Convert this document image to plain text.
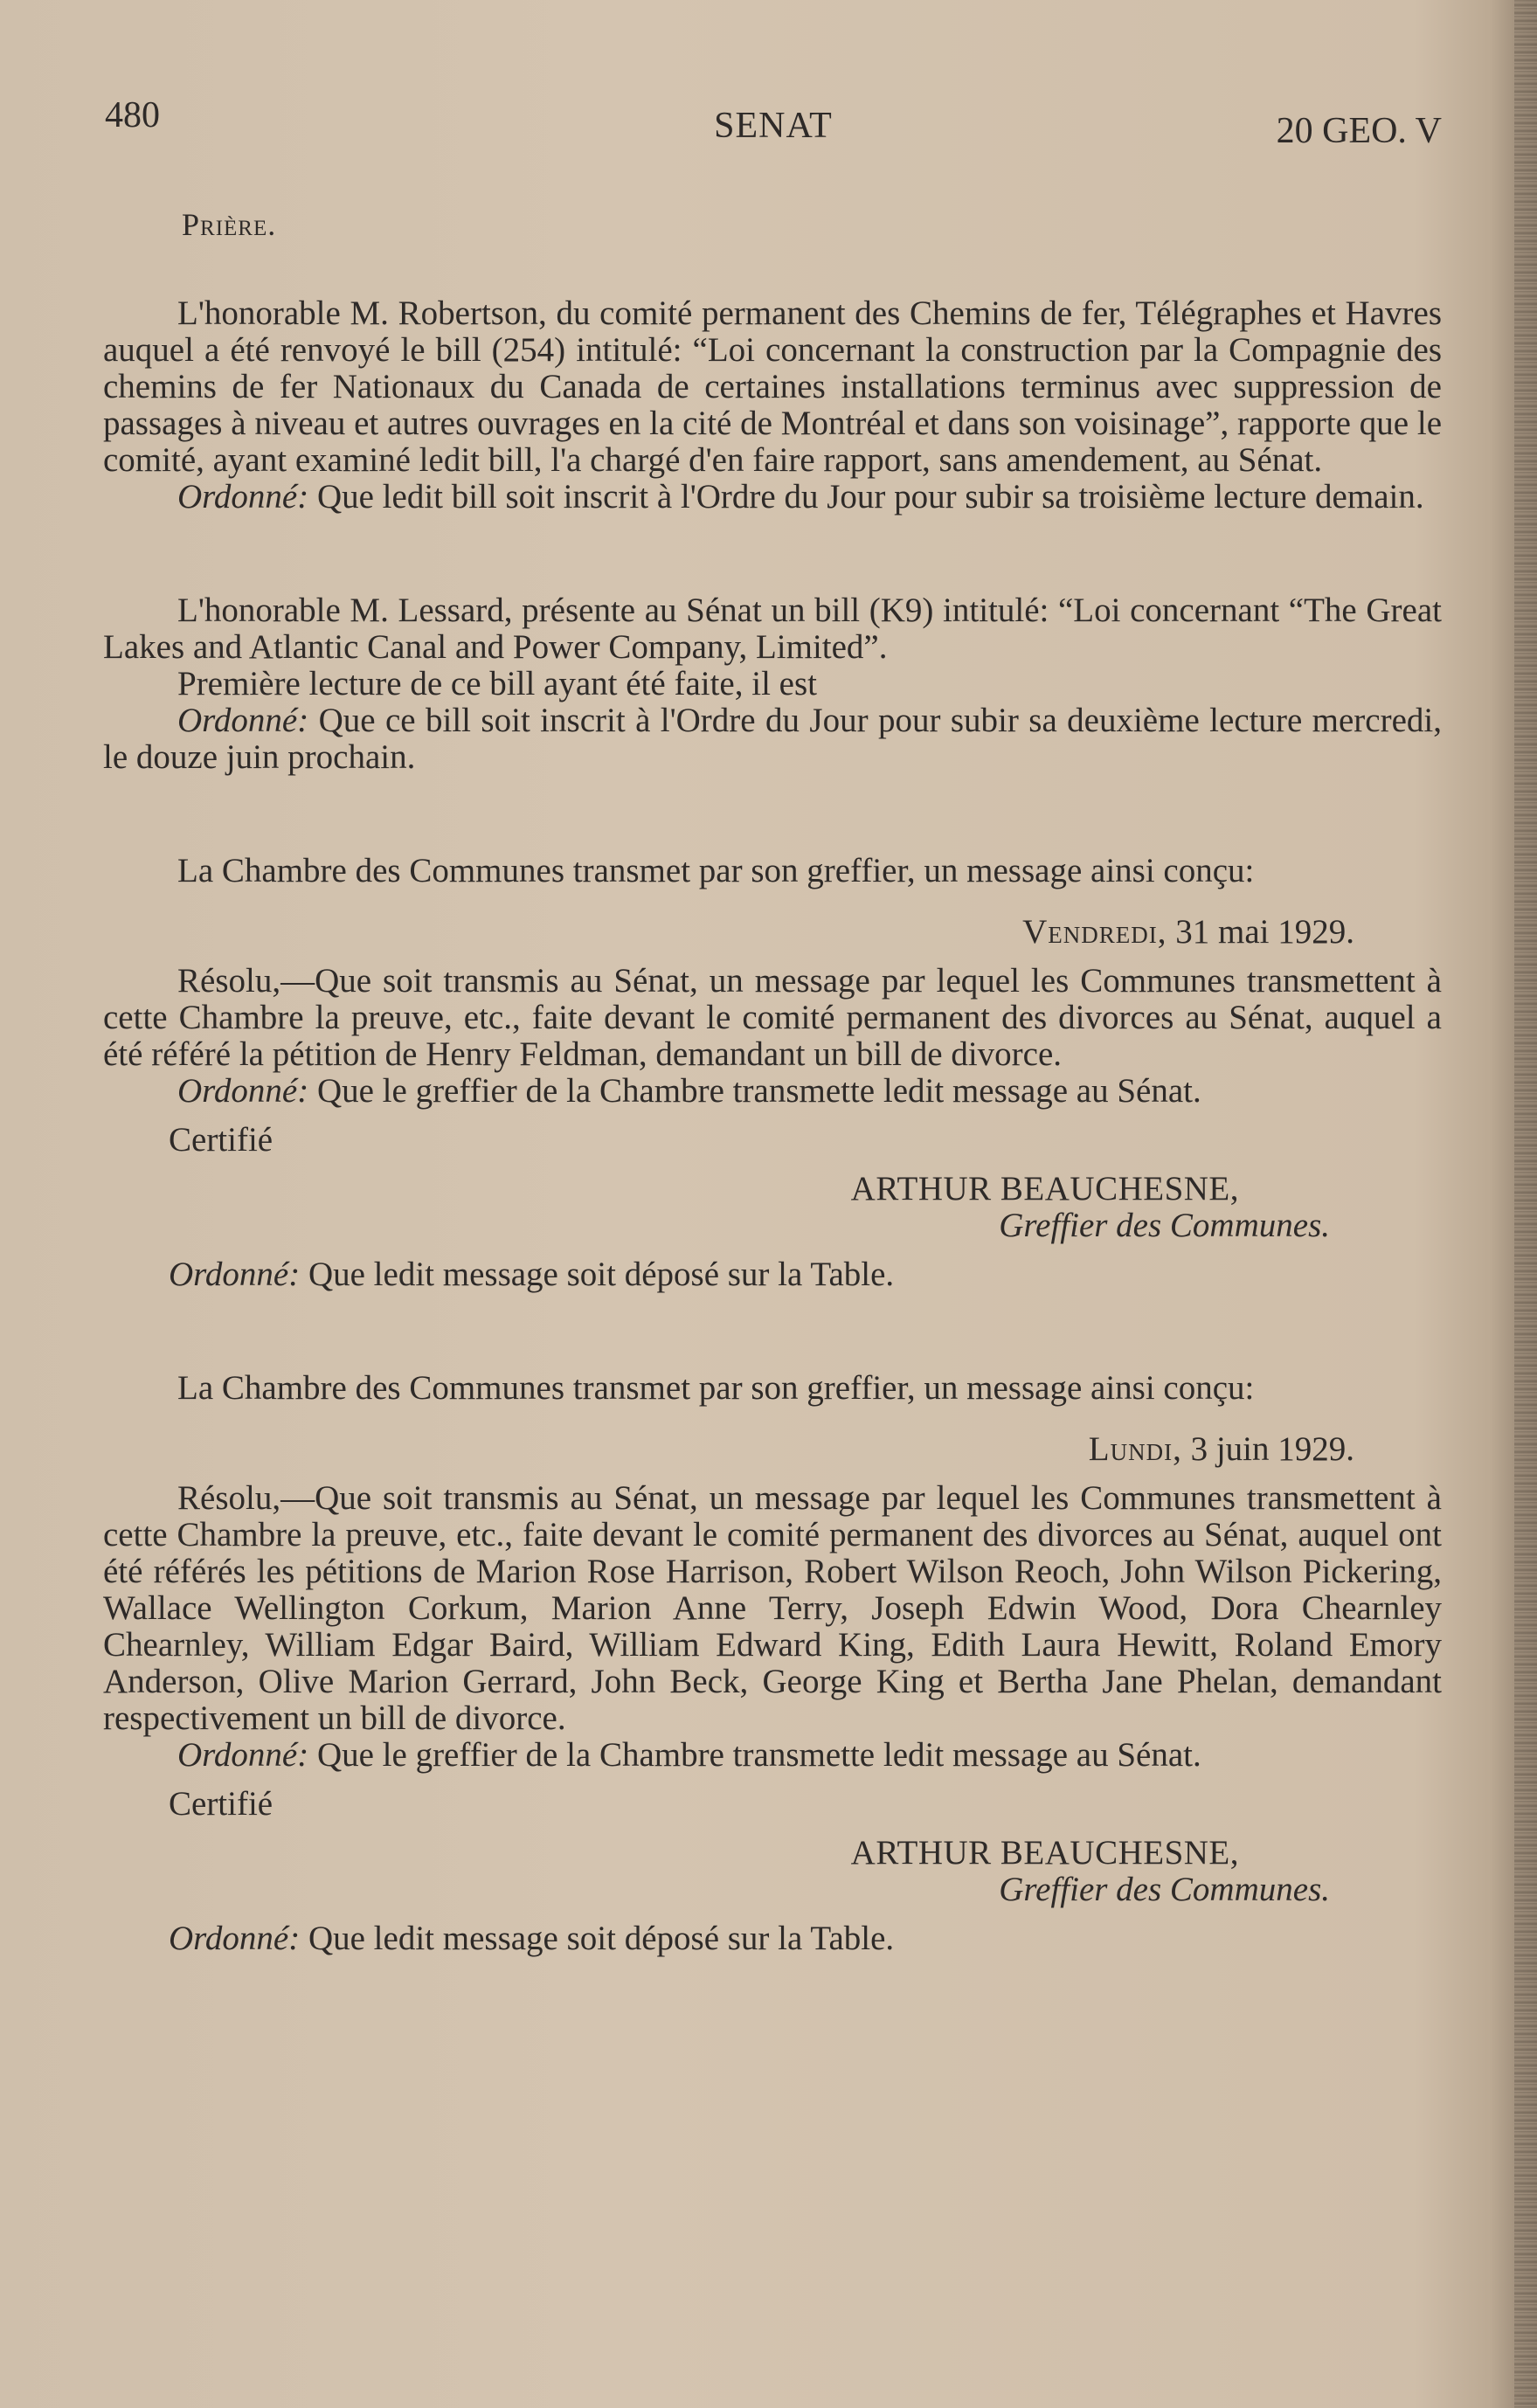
480	SENAT	20 GEO. V

Prière.

L'honorable M. Robertson, du comité permanent des Chemins de fer, Télégraphes et Havres auquel a été renvoyé le bill (254) intitulé: “Loi concernant la construction par la Compagnie des chemins de fer Nationaux du Canada de certaines installations terminus avec suppression de passages à niveau et autres ouvrages en la cité de Montréal et dans son voisinage”, rapporte que le comité, ayant examiné ledit bill, l'a chargé d'en faire rapport, sans amendement, au Sénat.

Ordonné: Que ledit bill soit inscrit à l'Ordre du Jour pour subir sa troisième lecture demain.

L'honorable M. Lessard, présente au Sénat un bill (K9) intitulé: “Loi concernant “The Great Lakes and Atlantic Canal and Power Company, Limited”.

Première lecture de ce bill ayant été faite, il est

Ordonné: Que ce bill soit inscrit à l'Ordre du Jour pour subir sa deuxième lecture mercredi, le douze juin prochain.

La Chambre des Communes transmet par son greffier, un message ainsi conçu:

Vendredi, 31 mai 1929.

Résolu,—Que soit transmis au Sénat, un message par lequel les Communes transmettent à cette Chambre la preuve, etc., faite devant le comité permanent des divorces au Sénat, auquel a été référé la pétition de Henry Feldman, demandant un bill de divorce.

Ordonné: Que le greffier de la Chambre transmette ledit message au Sénat.

Certifié

ARTHUR BEAUCHESNE,

Greffier des Communes.

Ordonné: Que ledit message soit déposé sur la Table.

La Chambre des Communes transmet par son greffier, un message ainsi conçu:

Lundi, 3 juin 1929.

Résolu,—Que soit transmis au Sénat, un message par lequel les Communes transmettent à cette Chambre la preuve, etc., faite devant le comité permanent des divorces au Sénat, auquel ont été référés les pétitions de Marion Rose Harrison, Robert Wilson Reoch, John Wilson Pickering, Wallace Wellington Corkum, Marion Anne Terry, Joseph Edwin Wood, Dora Chearnley Chearnley, William Edgar Baird, William Edward King, Edith Laura Hewitt, Roland Emory Anderson, Olive Marion Gerrard, John Beck, George King et Bertha Jane Phelan, demandant respectivement un bill de divorce.

Ordonné: Que le greffier de la Chambre transmette ledit message au Sénat.

Certifié

ARTHUR BEAUCHESNE,

Greffier des Communes.

Ordonné: Que ledit message soit déposé sur la Table.
